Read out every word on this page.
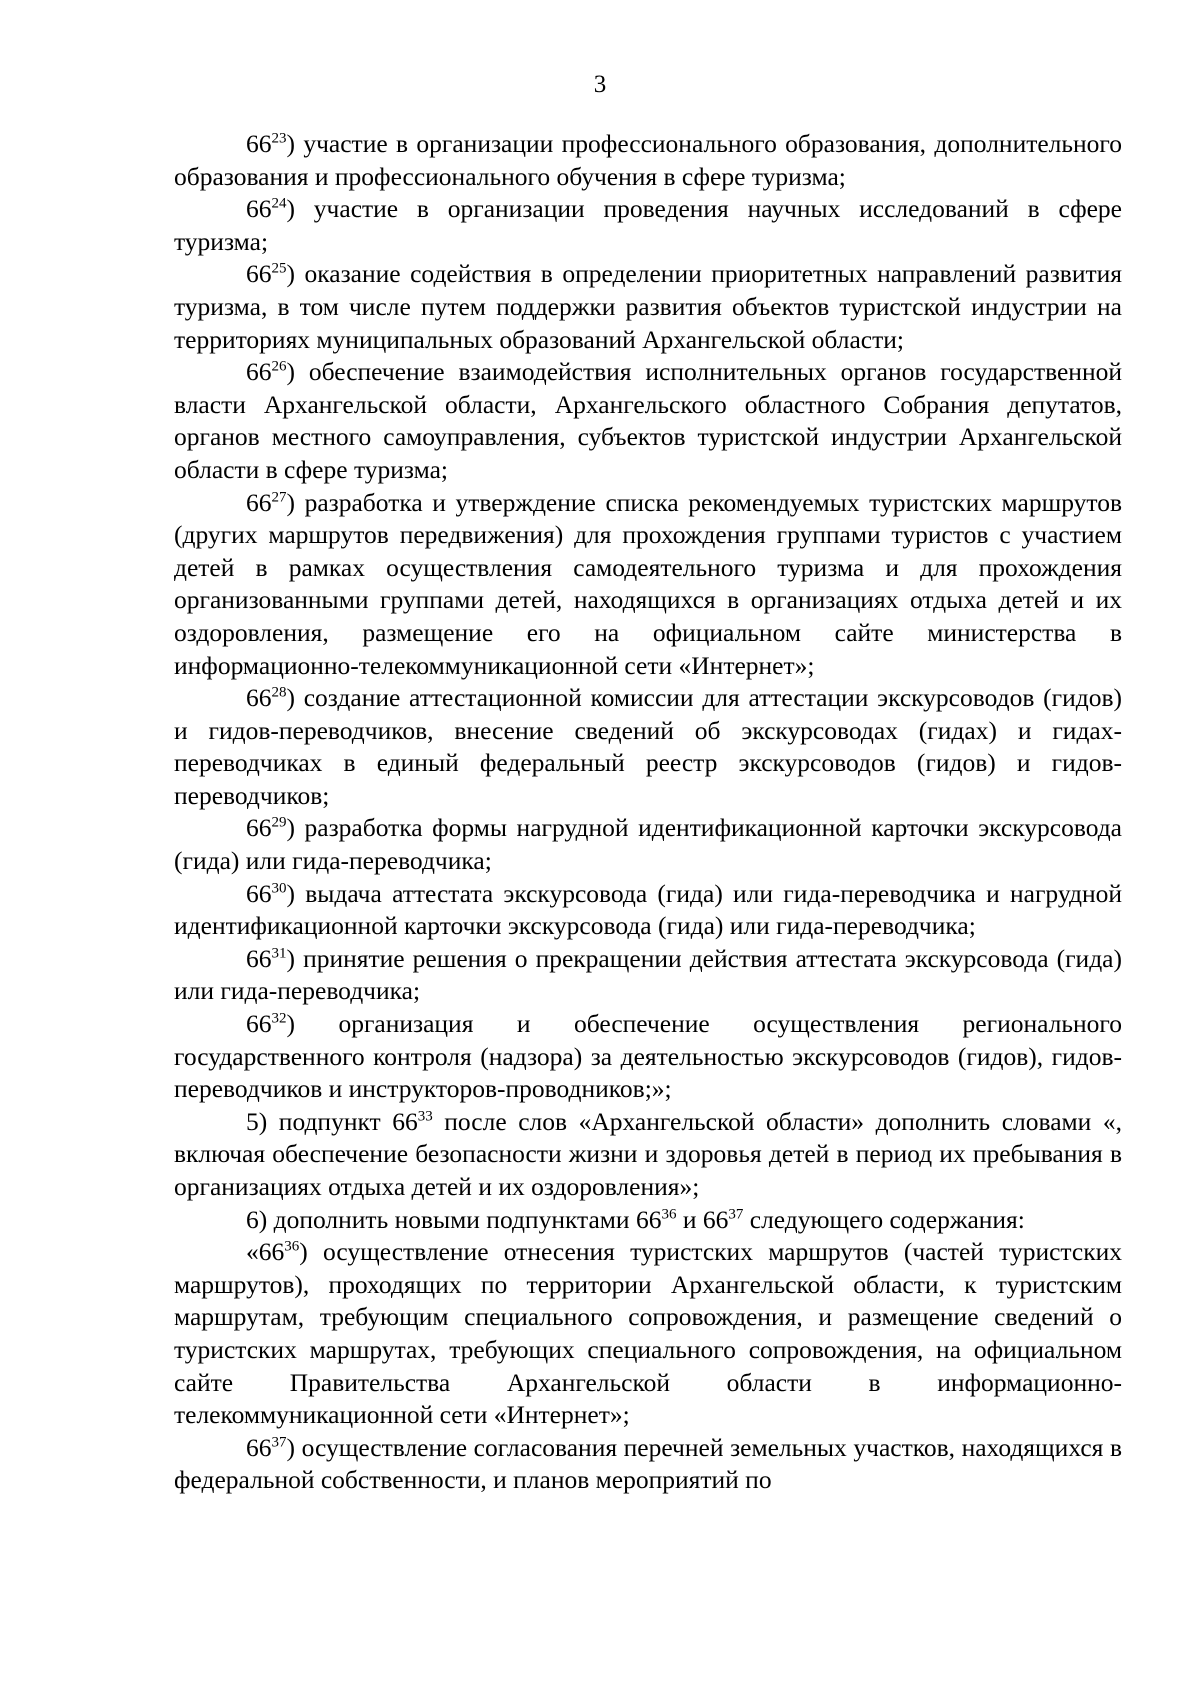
3

$66^{23}$) участие в организации профессионального образования, дополнительного образования и профессионального обучения в сфере туризма;

$66^{24}$) участие в организации проведения научных исследований в сфере туризма;

$66^{25}$) оказание содействия в определении приоритетных направлений развития туризма, в том числе путем поддержки развития объектов туристской индустрии на территориях муниципальных образований Архангельской области;

$66^{26}$) обеспечение взаимодействия исполнительных органов государственной власти Архангельской области, Архангельского областного Собрания депутатов, органов местного самоуправления, субъектов туристской индустрии Архангельской области в сфере туризма;

$66^{27}$) разработка и утверждение списка рекомендуемых туристских маршрутов (других маршрутов передвижения) для прохождения группами туристов с участием детей в рамках осуществления самодеятельного туризма и для прохождения организованными группами детей, находящихся в организациях отдыха детей и их оздоровления, размещение его на официальном сайте министерства в информационно-телекоммуникационной сети «Интернет»;

$66^{28}$) создание аттестационной комиссии для аттестации экскурсоводов (гидов) и гидов-переводчиков, внесение сведений об экскурсоводах (гидах) и гидах-переводчиках в единый федеральный реестр экскурсоводов (гидов) и гидов-переводчиков;

$66^{29}$) разработка формы нагрудной идентификационной карточки экскурсовода (гида) или гида-переводчика;

$66^{30}$) выдача аттестата экскурсовода (гида) или гида-переводчика и нагрудной идентификационной карточки экскурсовода (гида) или гида-переводчика;

$66^{31}$) принятие решения о прекращении действия аттестата экскурсовода (гида) или гида-переводчика;

$66^{32}$) организация и обеспечение осуществления регионального государственного контроля (надзора) за деятельностью экскурсоводов (гидов), гидов-переводчиков и инструкторов-проводников;»;

5) подпункт $66^{33}$ после слов «Архангельской области» дополнить словами «, включая обеспечение безопасности жизни и здоровья детей в период их пребывания в организациях отдыха детей и их оздоровления»;

6) дополнить новыми подпунктами $66^{36}$ и $66^{37}$ следующего содержания:

«$66^{36}$) осуществление отнесения туристских маршрутов (частей туристских маршрутов), проходящих по территории Архангельской области, к туристским маршрутам, требующим специального сопровождения, и размещение сведений о туристских маршрутах, требующих специального сопровождения, на официальном сайте Правительства Архангельской области в информационно-телекоммуникационной сети «Интернет»;

$66^{37}$) осуществление согласования перечней земельных участков, находящихся в федеральной собственности, и планов мероприятий по
